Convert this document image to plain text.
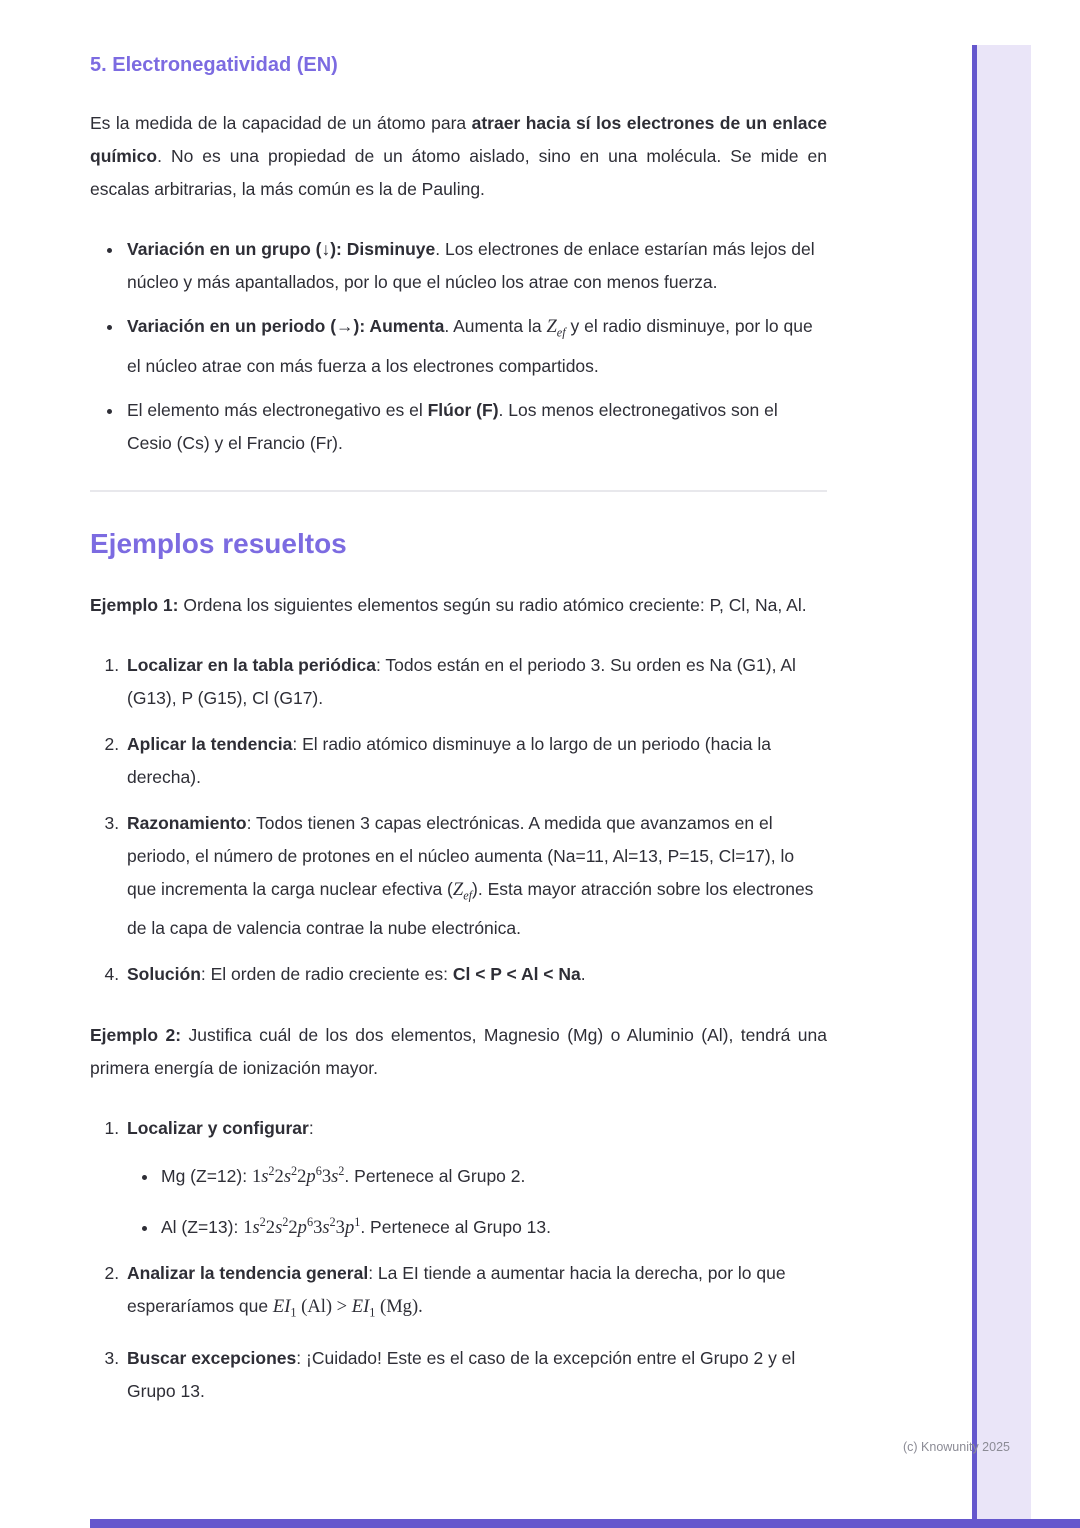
5. Electronegatividad (EN)

Es la medida de la capacidad de un átomo para atraer hacia sí los electrones de un enlace químico. No es una propiedad de un átomo aislado, sino en una molécula. Se mide en escalas arbitrarias, la más común es la de Pauling.

• Variación en un grupo (↓): Disminuye. Los electrones de enlace estarían más lejos del núcleo y más apantallados, por lo que el núcleo los atrae con menos fuerza.
• Variación en un periodo (→): Aumenta. Aumenta la $Z_{ef}$ y el radio disminuye, por lo que el núcleo atrae con más fuerza a los electrones compartidos.
• El elemento más electronegativo es el Flúor (F). Los menos electronegativos son el Cesio (Cs) y el Francio (Fr).
Ejemplos resueltos

Ejemplo 1: Ordena los siguientes elementos según su radio atómico creciente: P, Cl, Na, Al.

1. Localizar en la tabla periódica: Todos están en el periodo 3. Su orden es Na (G1), Al (G13), P (G15), Cl (G17).
2. Aplicar la tendencia: El radio atómico disminuye a lo largo de un periodo (hacia la derecha).
3. Razonamiento: Todos tienen 3 capas electrónicas. A medida que avanzamos en el periodo, el número de protones en el núcleo aumenta (Na=11, Al=13, P=15, Cl=17), lo que incrementa la carga nuclear efectiva $(Z_{ef})$. Esta mayor atracción sobre los electrones de la capa de valencia contrae la nube electrónica.
4. Solución: El orden de radio creciente es: Cl < P < Al < Na.

Ejemplo 2: Justifica cuál de los dos elementos, Magnesio (Mg) o Aluminio (Al), tendrá una primera energía de ionización mayor.

1. Localizar y configurar:
• Mg (Z=12): $1s^22s^22p^63s^2$. Pertenece al Grupo 2.
• Al (Z=13): $1s^22s^22p^63s^23p^1$. Pertenece al Grupo 13.
2. Analizar la tendencia general: La EI tiende a aumentar hacia la derecha, por lo que esperaríamos que $EI_1$ $(Al) > EI_1$ (Mg).
3. Buscar excepciones: ¡Cuidado! Este es el caso de la excepción entre el Grupo 2 y el Grupo 13.
(c) Knowunity 2025
